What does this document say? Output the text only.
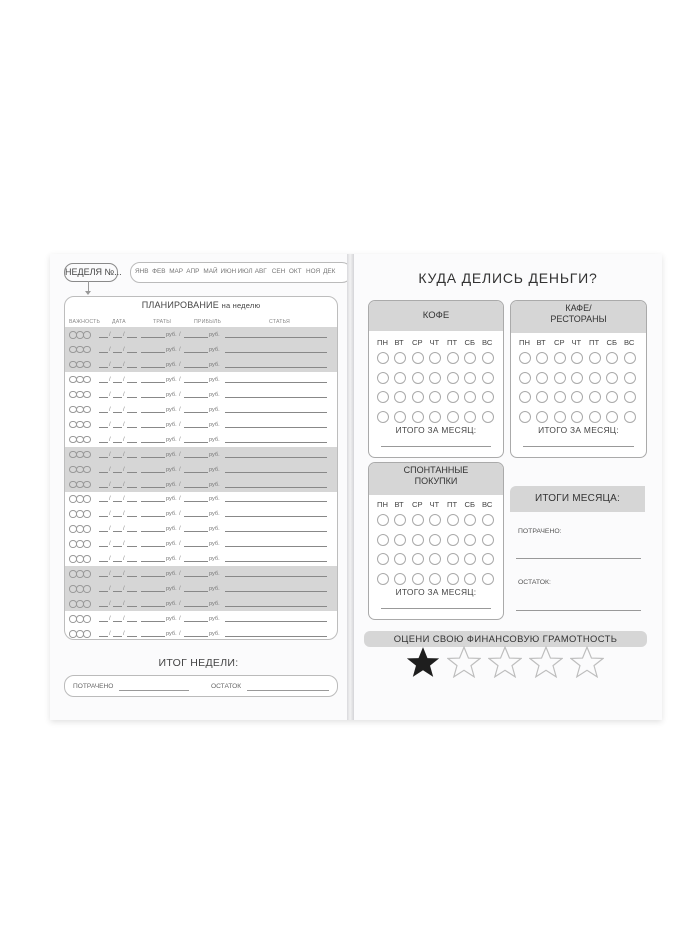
НЕДЕЛЯ №... ЯНВ ФЕВ МАР АПР МАЙ ИЮН ИЮЛ АВГ СЕН ОКТ НОЯ ДЕК
ПЛАНИРОВАНИЕ на неделю
ВАЖНОСТЬ ДАТА	ТРАТЫ	ПРИБЫЛЬ	СТАТЬЯ
/ /	руб. /	руб.
/ /	руб. /	руб.
/ /	руб. /	руб.
/ /	руб. /	руб.
/ /	руб. /	руб.
/ /	руб. /	руб.
/ /	руб. /	руб.
/ /	руб. /	руб.
/ /	руб. /	руб.
/ /	руб. /	руб.
/ /	руб. /	руб.
/ /	руб. /	руб.
/ /	руб. /	руб.
/ /	руб. /	руб.
/ /	руб. /	руб.
/ /	руб. /	руб.
/ /	руб. /	руб.
/ /	руб. /	руб.
/ /	руб. /	руб.
/ /	руб. /	руб.
/ /	руб. /	руб.
ИТОГ НЕДЕЛИ:
ПОТРАЧЕНО	ОСТАТОК
КУДА ДЕЛИСЬ ДЕНЬГИ?
КОФЕ
ИТОГО ЗА МЕСЯЦ:
ПН ВТ СР ЧТ ПТ СБ ВС
КАФЕ/
РЕСТОРАНЫ
ИТОГО ЗА МЕСЯЦ:
ПН ВТ СР ЧТ ПТ СБ ВС
СПОНТАННЫЕ
ПОКУПКИ
ИТОГО ЗА МЕСЯЦ:
ПН ВТ СР ЧТ ПТ СБ ВС
ИТОГИ МЕСЯЦА:
ПОТРАЧЕНО:
ОСТАТОК:
ОЦЕНИ СВОЮ ФИНАНСОВУЮ ГРАМОТНОСТЬ
